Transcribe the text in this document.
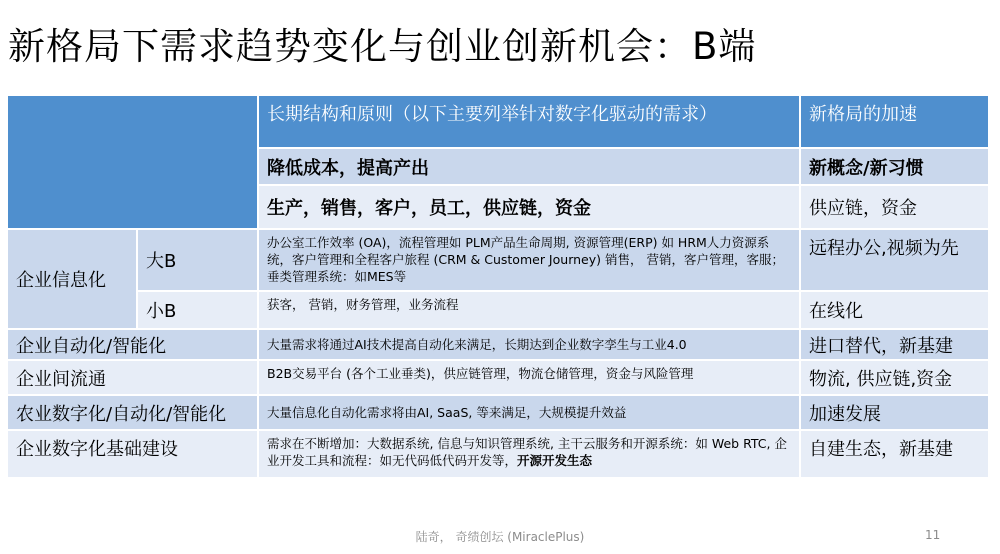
新格局下需求趋势变化与创业创新机会：B端
		长期结构和原则（以下主要列举针对数字化驱动的需求）	新格局的加速
		降低成本，提高产出	新概念/新习惯
		生产，销售，客户，员工，供应链，资金	供应链，资金
企业信息化	大B	办公室工作效率 (OA)，流程管理如 PLM产品生命周期, 资源管理(ERP) 如 HRM人力资源系统，客户管理和全程客户旅程 (CRM & Customer Journey) 销售， 营销，客户管理，客服；垂类管理系统：如MES等	远程办公,视频为先
	小B	获客， 营销，财务管理，业务流程	在线化
企业自动化/智能化		大量需求将通过AI技术提高自动化来满足，长期达到企业数字孪生与工业4.0	进口替代，新基建
企业间流通		B2B交易平台 (各个工业垂类)，供应链管理，物流仓储管理，资金与风险管理	物流, 供应链,资金
农业数字化/自动化/智能化		大量信息化自动化需求将由AI, SaaS, 等来满足，大规模提升效益	加速发展
企业数字化基础建设		需求在不断增加：大数据系统, 信息与知识管理系统, 主干云服务和开源系统：如 Web RTC, 企业开发工具和流程：如无代码低代码开发等，开源开发生态	自建生态，新基建
陆奇， 奇绩创坛 (MiraclePlus)	11
